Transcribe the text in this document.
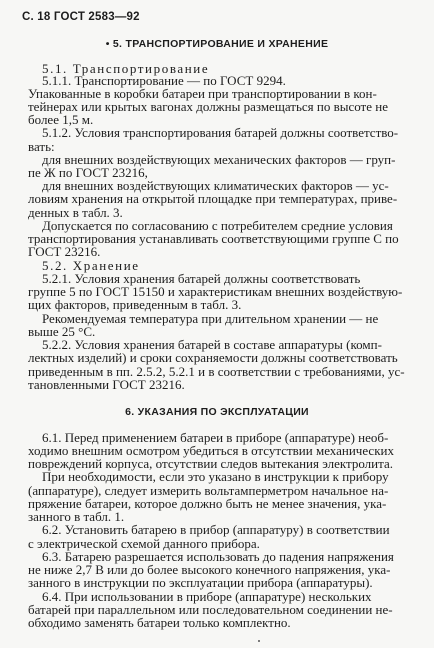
С. 18 ГОСТ 2583—92
• 5. ТРАНСПОРТИРОВАНИЕ И ХРАНЕНИЕ
5.1. Транспортирование
5.1.1. Транспортирование — по ГОСТ 9294.
Упакованные в коробки батареи при транспортировании в кон-
тейнерах или крытых вагонах должны размещаться по высоте не
более 1,5 м.
5.1.2. Условия транспортирования батарей должны соответство-
вать:
для внешних воздействующих механических факторов — груп-
пе Ж по ГОСТ 23216,
для внешних воздействующих климатических факторов — ус-
ловиям хранения на открытой площадке при температурах, приве-
денных в табл. 3.
Допускается по согласованию с потребителем средние условия
транспортирования устанавливать соответствующими группе С по
ГОСТ 23216.
5.2. Хранение
5.2.1. Условия хранения батарей должны соответствовать
группе 5 по ГОСТ 15150 и характеристикам внешних воздействую-
щих факторов, приведенным в табл. 3.
Рекомендуемая температура при длительном хранении — не
выше 25 °С.
5.2.2. Условия хранения батарей в составе аппаратуры (комп-
лектных изделий) и сроки сохраняемости должны соответствовать
приведенным в пп. 2.5.2, 5.2.1 и в соответствии с требованиями, ус-
тановленными ГОСТ 23216.
6. УКАЗАНИЯ ПО ЭКСПЛУАТАЦИИ
6.1. Перед применением батареи в приборе (аппаратуре) необ-
ходимо внешним осмотром убедиться в отсутствии механических
повреждений корпуса, отсутствии следов вытекания электролита.
При необходимости, если это указано в инструкции к прибору
(аппаратуре), следует измерить вольтамперметром начальное на-
пряжение батареи, которое должно быть не менее значения, ука-
занного в табл. 1.
6.2. Установить батарею в прибор (аппаратуру) в соответствии
с электрической схемой данного прибора.
6.3. Батарею разрешается использовать до падения напряжения
не ниже 2,7 В или до более высокого конечного напряжения, ука-
занного в инструкции по эксплуатации прибора (аппаратуры).
6.4. При использовании в приборе (аппаратуре) нескольких
батарей при параллельном или последовательном соединении не-
обходимо заменять батареи только комплектно.
